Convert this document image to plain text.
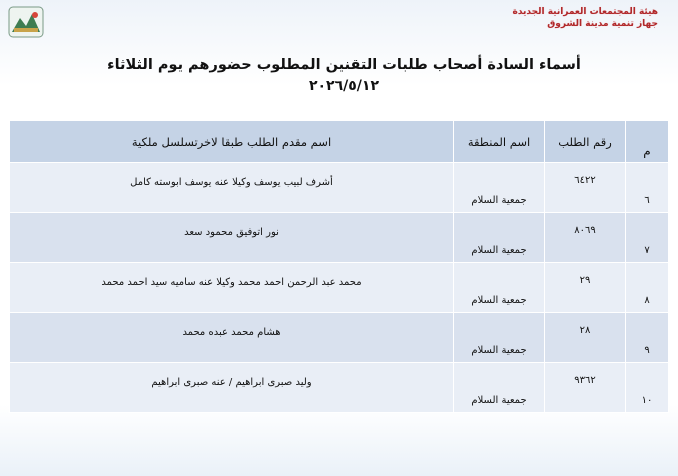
هيئة المجتمعات العمرانية الجديدة
جهاز تنمية مدينة الشروق
أسماء السادة أصحاب طلبات التقنين المطلوب حضورهم يوم الثلاثاء
٢٠٢٦/٥/١٢
م	رقم الطلب	اسم المنطقة	اسم مقدم الطلب طبقا لاخرتسلسل ملكية
٦	٦٤٢٢	جمعية السلام	أشرف لبيب يوسف وكيلا عنه يوسف ابوسته كامل
٧	٨٠٦٩	جمعية السلام	نور اتوفيق محمود سعد
٨	٢٩	جمعية السلام	محمد عبد الرحمن احمد محمد وكيلا عنه ساميه سيد احمد محمد
٩	٢٨	جمعية السلام	هشام محمد عبده محمد
١٠	٩٣٦٢	جمعية السلام	وليد صبرى ابراهيم / عنه صبرى ابراهيم
